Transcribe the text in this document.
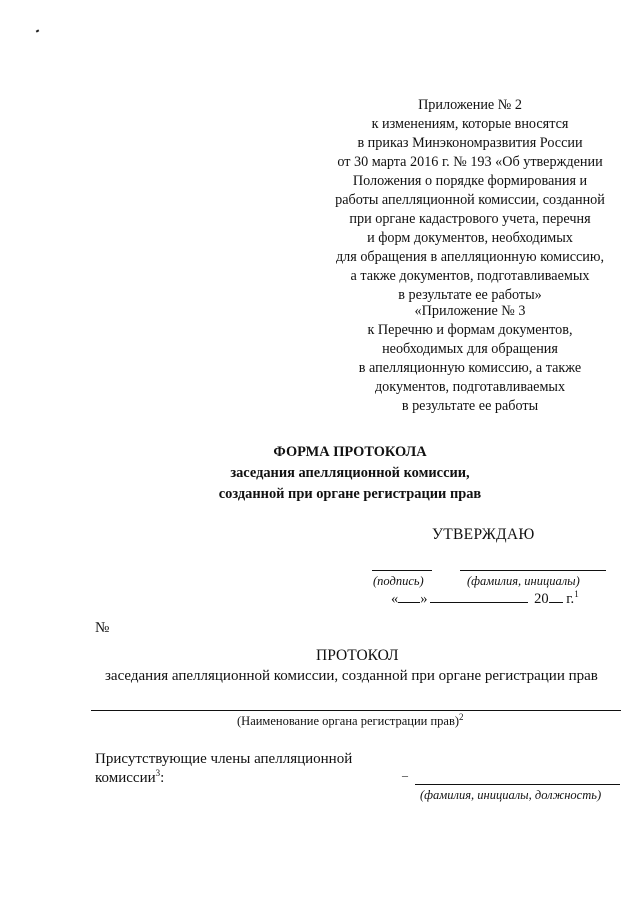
Приложение № 2
к изменениям, которые вносятся
в приказ Минэкономразвития России
от 30 марта 2016 г. № 193 «Об утверждении
Положения о порядке формирования и
работы апелляционной комиссии, созданной
при органе кадастрового учета, перечня
и форм документов, необходимых
для обращения в апелляционную комиссию,
а также документов, подготавливаемых
в результате ее работы»
«Приложение № 3
к Перечню и формам документов,
необходимых для обращения
в апелляционную комиссию, а также
документов, подготавливаемых
в результате ее работы
ФОРМА ПРОТОКОЛА
заседания апелляционной комиссии,
созданной при органе регистрации прав
УТВЕРЖДАЮ
(подпись)	(фамилия, инициалы)
« »	20 г.$^1$
№
ПРОТОКОЛ
заседания апелляционной комиссии, созданной при органе регистрации прав
(Наименование органа регистрации прав)$^2$
Присутствующие члены апелляционной
комиссии$^3$:	–
(фамилия, инициалы, должность)
